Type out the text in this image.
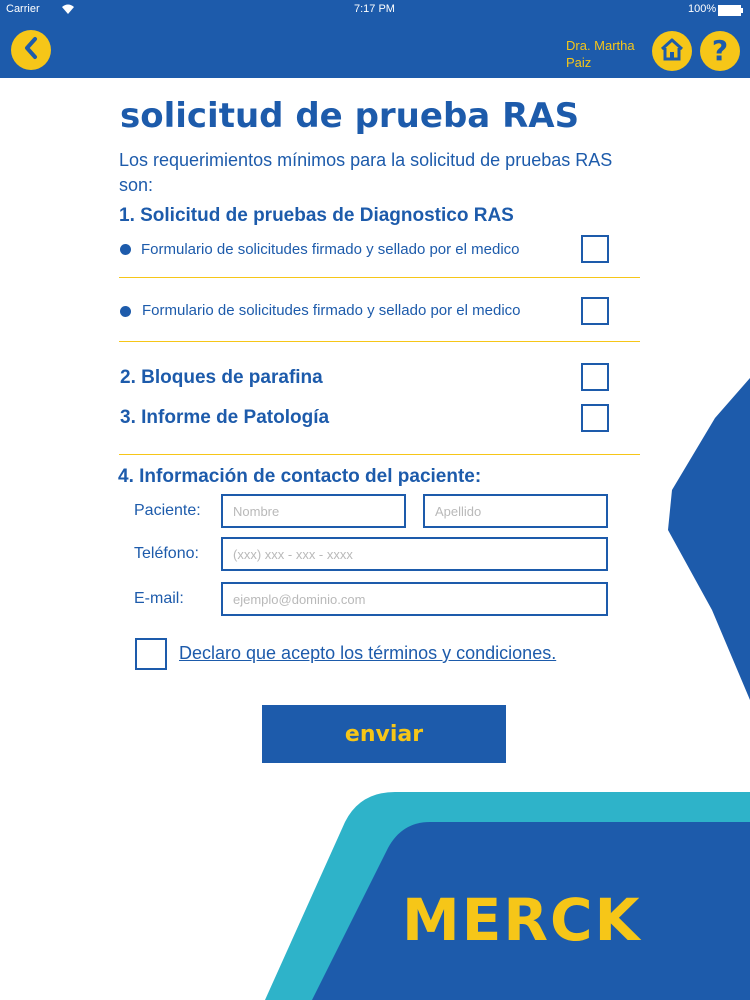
Carrier	7:17 PM	100%
?
Dra. Martha Paiz
solicitud de prueba RAS
Los requerimientos mínimos para la solicitud de pruebas RAS son:
1. Solicitud de pruebas de Diagnostico RAS
Formulario de solicitudes firmado y sellado por el medico
Formulario de solicitudes firmado y sellado por el medico
2. Bloques de parafina
3. Informe de Patología
4. Información de contacto del paciente:
Paciente:
Nombre
Apellido
Teléfono:
(xxx) xxx - xxx - xxxx
E-mail:
ejemplo@dominio.com
Declaro que acepto los términos y condiciones.
enviar
MERCK
